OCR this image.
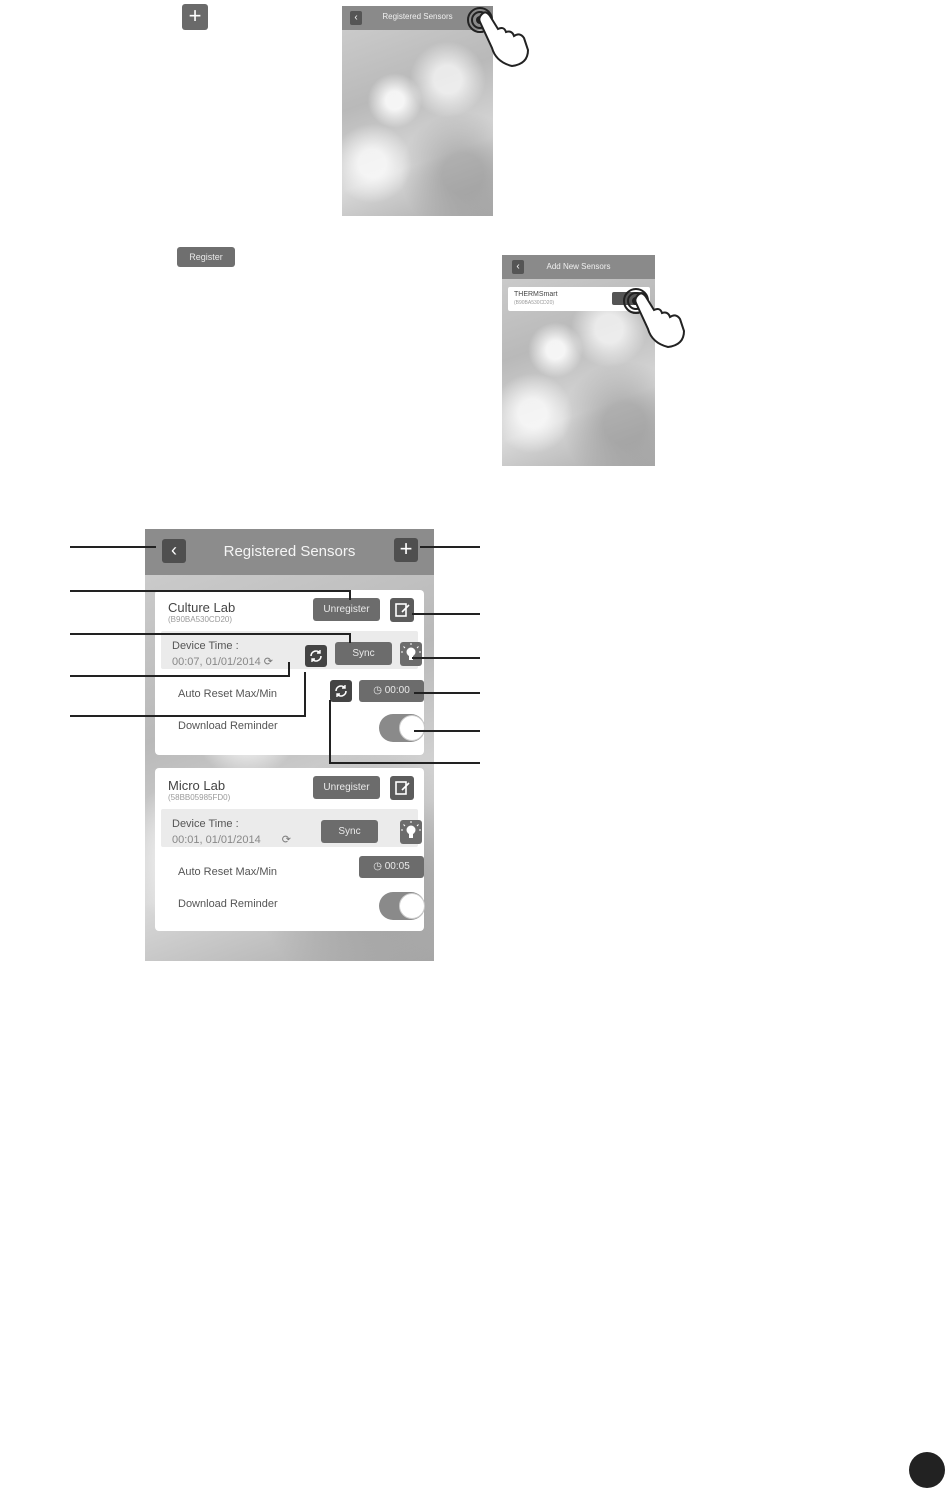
+	‹	Registered Sensors
Register
‹	Add New Sensors
THERMSmart
(B90BA530CD20)
‹	Registered Sensors	+
Culture Lab
(B90BA530CD20)
Unregister
Device Time :
00:07, 01/01/2014 ⟳
Sync
Auto Reset Max/Min	◷ 00:00
Download Reminder
Micro Lab
(58BB05985FD0)
Unregister
Device Time :
00:01, 01/01/2014 ⟳
Sync
Auto Reset Max/Min	◷ 00:05
Download Reminder
